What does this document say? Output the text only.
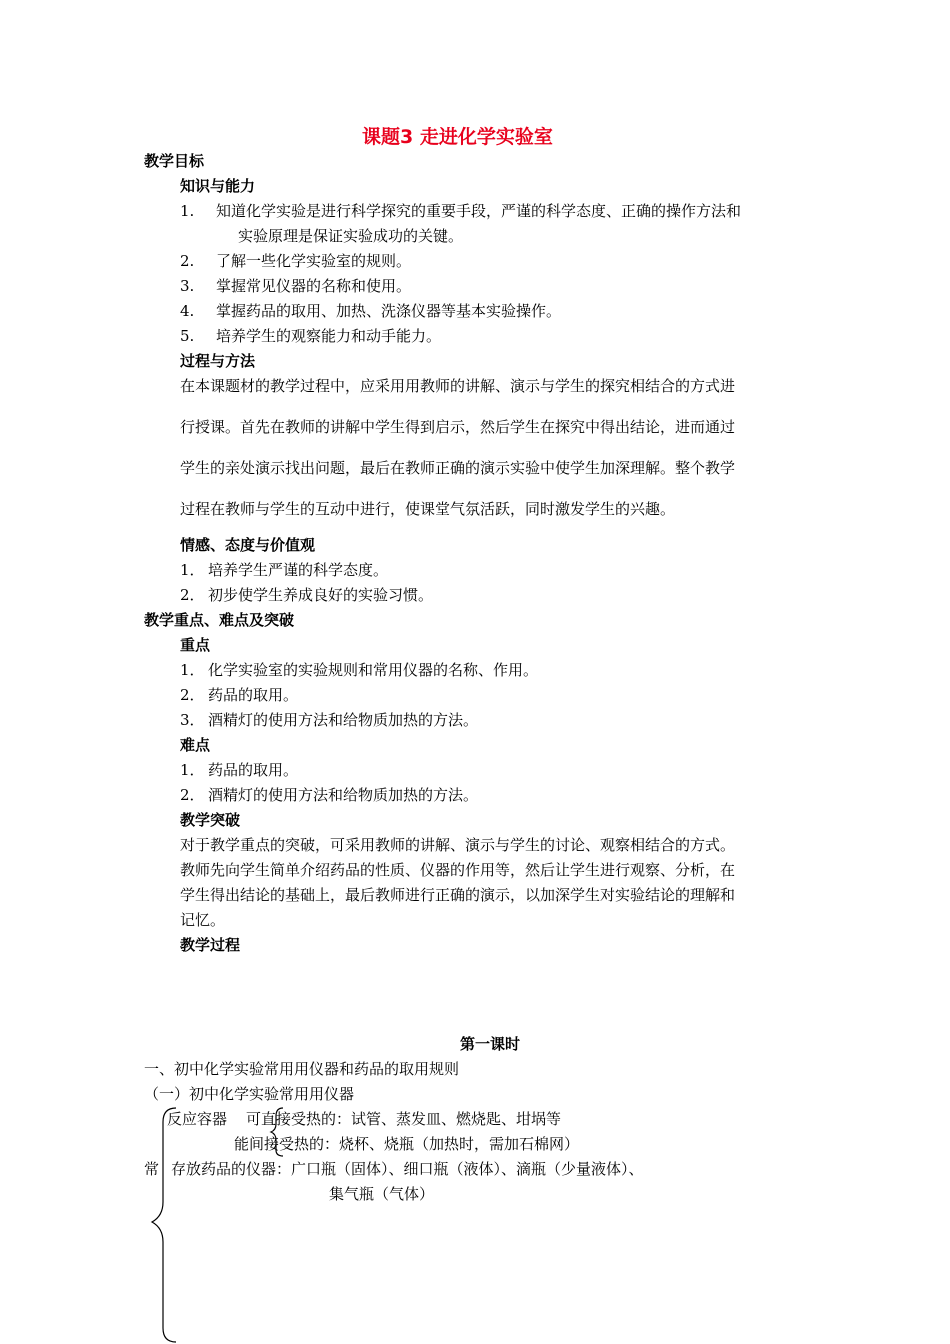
课题3 走进化学实验室
教学目标
知识与能力
1. 知道化学实验是进行科学探究的重要手段，严谨的科学态度、正确的操作方法和
实验原理是保证实验成功的关键。
2. 了解一些化学实验室的规则。
3. 掌握常见仪器的名称和使用。
4. 掌握药品的取用、加热、洗涤仪器等基本实验操作。
5. 培养学生的观察能力和动手能力。
过程与方法
在本课题材的教学过程中，应采用用教师的讲解、演示与学生的探究相结合的方式进
行授课。首先在教师的讲解中学生得到启示，然后学生在探究中得出结论，进而通过
学生的亲处演示找出问题，最后在教师正确的演示实验中使学生加深理解。整个教学
过程在教师与学生的互动中进行，使课堂气氛活跃，同时激发学生的兴趣。
情感、态度与价值观
1． 培养学生严谨的科学态度。
2． 初步使学生养成良好的实验习惯。
教学重点、难点及突破
重点
1． 化学实验室的实验规则和常用仪器的名称、作用。
2． 药品的取用。
3． 酒精灯的使用方法和给物质加热的方法。
难点
1． 药品的取用。
2． 酒精灯的使用方法和给物质加热的方法。
教学突破
对于教学重点的突破，可采用教师的讲解、演示与学生的讨论、观察相结合的方式。
教师先向学生简单介绍药品的性质、仪器的作用等，然后让学生进行观察、分析，在
学生得出结论的基础上，最后教师进行正确的演示，以加深学生对实验结论的理解和
记忆。
教学过程
第一课时
一、初中化学实验常用用仪器和药品的取用规则
（一）初中化学实验常用用仪器
反应容器 可直接受热的：试管、蒸发皿、燃烧匙、坩埚等
能间接受热的：烧杯、烧瓶（加热时，需加石棉网）
常 存放药品的仪器：广口瓶（固体）、细口瓶（液体）、滴瓶（少量液体）、
集气瓶（气体）
